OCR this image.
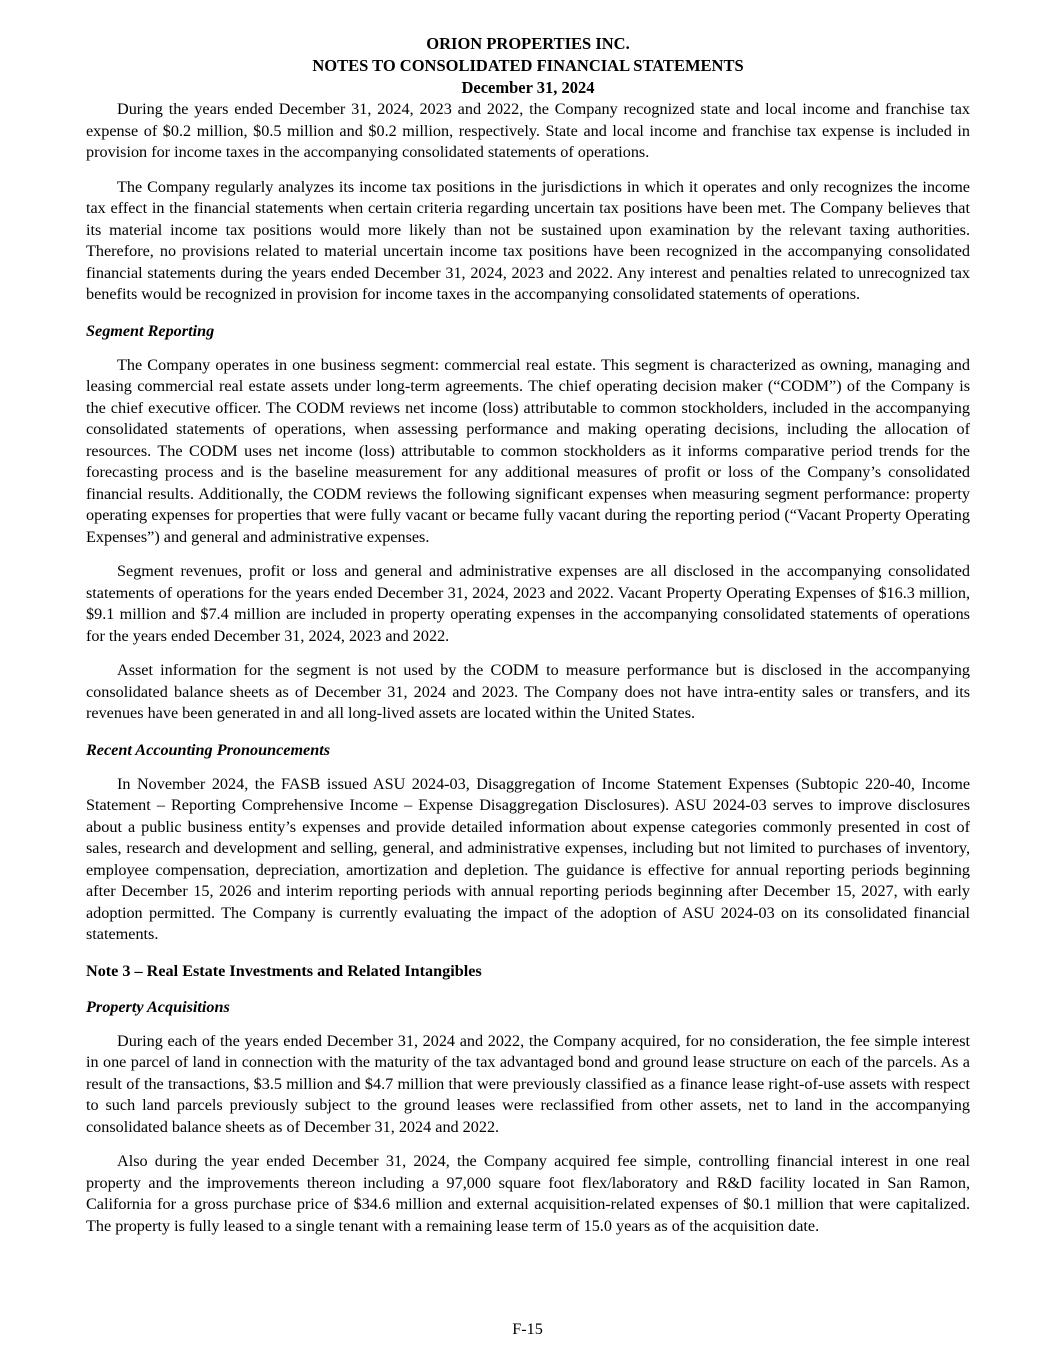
ORION PROPERTIES INC.
NOTES TO CONSOLIDATED FINANCIAL STATEMENTS
December 31, 2024

During the years ended December 31, 2024, 2023 and 2022, the Company recognized state and local income and franchise tax expense of $0.2 million, $0.5 million and $0.2 million, respectively. State and local income and franchise tax expense is included in provision for income taxes in the accompanying consolidated statements of operations.

The Company regularly analyzes its income tax positions in the jurisdictions in which it operates and only recognizes the income tax effect in the financial statements when certain criteria regarding uncertain tax positions have been met. The Company believes that its material income tax positions would more likely than not be sustained upon examination by the relevant taxing authorities. Therefore, no provisions related to material uncertain income tax positions have been recognized in the accompanying consolidated financial statements during the years ended December 31, 2024, 2023 and 2022. Any interest and penalties related to unrecognized tax benefits would be recognized in provision for income taxes in the accompanying consolidated statements of operations.

Segment Reporting

The Company operates in one business segment: commercial real estate. This segment is characterized as owning, managing and leasing commercial real estate assets under long-term agreements. The chief operating decision maker (“CODM”) of the Company is the chief executive officer. The CODM reviews net income (loss) attributable to common stockholders, included in the accompanying consolidated statements of operations, when assessing performance and making operating decisions, including the allocation of resources. The CODM uses net income (loss) attributable to common stockholders as it informs comparative period trends for the forecasting process and is the baseline measurement for any additional measures of profit or loss of the Company’s consolidated financial results. Additionally, the CODM reviews the following significant expenses when measuring segment performance: property operating expenses for properties that were fully vacant or became fully vacant during the reporting period (“Vacant Property Operating Expenses”) and general and administrative expenses.

Segment revenues, profit or loss and general and administrative expenses are all disclosed in the accompanying consolidated statements of operations for the years ended December 31, 2024, 2023 and 2022. Vacant Property Operating Expenses of $16.3 million, $9.1 million and $7.4 million are included in property operating expenses in the accompanying consolidated statements of operations for the years ended December 31, 2024, 2023 and 2022.

Asset information for the segment is not used by the CODM to measure performance but is disclosed in the accompanying consolidated balance sheets as of December 31, 2024 and 2023. The Company does not have intra-entity sales or transfers, and its revenues have been generated in and all long-lived assets are located within the United States.

Recent Accounting Pronouncements

In November 2024, the FASB issued ASU 2024-03, Disaggregation of Income Statement Expenses (Subtopic 220-40, Income Statement – Reporting Comprehensive Income – Expense Disaggregation Disclosures). ASU 2024-03 serves to improve disclosures about a public business entity’s expenses and provide detailed information about expense categories commonly presented in cost of sales, research and development and selling, general, and administrative expenses, including but not limited to purchases of inventory, employee compensation, depreciation, amortization and depletion. The guidance is effective for annual reporting periods beginning after December 15, 2026 and interim reporting periods with annual reporting periods beginning after December 15, 2027, with early adoption permitted. The Company is currently evaluating the impact of the adoption of ASU 2024-03 on its consolidated financial statements.

Note 3 – Real Estate Investments and Related Intangibles
Property Acquisitions

During each of the years ended December 31, 2024 and 2022, the Company acquired, for no consideration, the fee simple interest in one parcel of land in connection with the maturity of the tax advantaged bond and ground lease structure on each of the parcels. As a result of the transactions, $3.5 million and $4.7 million that were previously classified as a finance lease right-of-use assets with respect to such land parcels previously subject to the ground leases were reclassified from other assets, net to land in the accompanying consolidated balance sheets as of December 31, 2024 and 2022.

Also during the year ended December 31, 2024, the Company acquired fee simple, controlling financial interest in one real property and the improvements thereon including a 97,000 square foot flex/laboratory and R&D facility located in San Ramon, California for a gross purchase price of $34.6 million and external acquisition-related expenses of $0.1 million that were capitalized. The property is fully leased to a single tenant with a remaining lease term of 15.0 years as of the acquisition date.

F-15
